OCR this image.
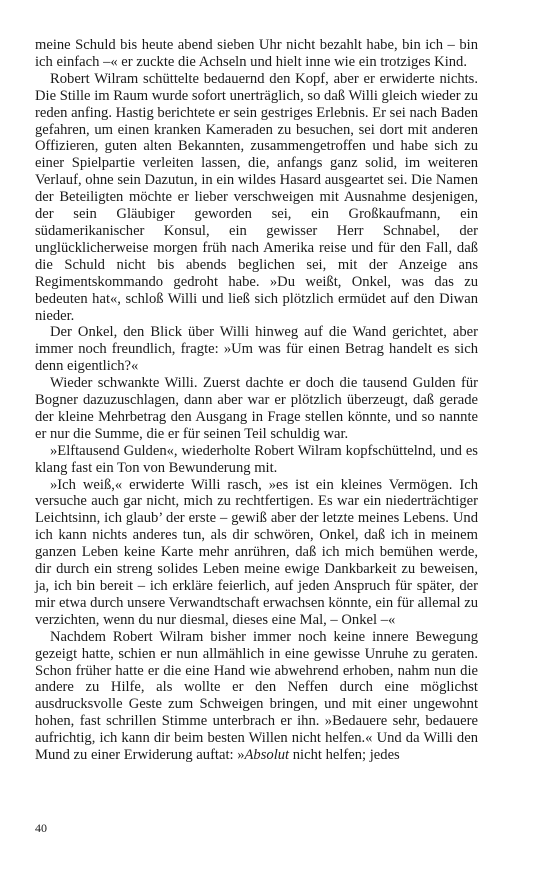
meine Schuld bis heute abend sieben Uhr nicht bezahlt habe, bin ich – bin ich einfach –« er zuckte die Achseln und hielt inne wie ein trotziges Kind.

Robert Wilram schüttelte bedauernd den Kopf, aber er erwiderte nichts. Die Stille im Raum wurde sofort unerträglich, so daß Willi gleich wieder zu reden anfing. Hastig berichtete er sein gestriges Erlebnis. Er sei nach Baden gefahren, um einen kranken Kameraden zu besuchen, sei dort mit anderen Offizieren, guten alten Bekannten, zusammengetroffen und habe sich zu einer Spielpartie verleiten lassen, die, anfangs ganz solid, im weiteren Verlauf, ohne sein Dazutun, in ein wildes Hasard ausgeartet sei. Die Namen der Beteiligten möchte er lieber verschweigen mit Ausnahme desjenigen, der sein Gläubiger geworden sei, ein Großkaufmann, ein südamerikanischer Konsul, ein gewisser Herr Schnabel, der unglücklicherweise morgen früh nach Amerika reise und für den Fall, daß die Schuld nicht bis abends beglichen sei, mit der Anzeige ans Regimentskommando gedroht habe. »Du weißt, Onkel, was das zu bedeuten hat«, schloß Willi und ließ sich plötzlich ermüdet auf den Diwan nieder.

Der Onkel, den Blick über Willi hinweg auf die Wand gerichtet, aber immer noch freundlich, fragte: »Um was für einen Betrag handelt es sich denn eigentlich?«

Wieder schwankte Willi. Zuerst dachte er doch die tausend Gulden für Bogner dazuzuschlagen, dann aber war er plötzlich überzeugt, daß gerade der kleine Mehrbetrag den Ausgang in Frage stellen könnte, und so nannte er nur die Summe, die er für seinen Teil schuldig war.

»Elftausend Gulden«, wiederholte Robert Wilram kopfschüttelnd, und es klang fast ein Ton von Bewunderung mit.

»Ich weiß,« erwiderte Willi rasch, »es ist ein kleines Vermögen. Ich versuche auch gar nicht, mich zu rechtfertigen. Es war ein niederträchtiger Leichtsinn, ich glaub’ der erste – gewiß aber der letzte meines Lebens. Und ich kann nichts anderes tun, als dir schwören, Onkel, daß ich in meinem ganzen Leben keine Karte mehr anrühren, daß ich mich bemühen werde, dir durch ein streng solides Leben meine ewige Dankbarkeit zu beweisen, ja, ich bin bereit – ich erkläre feierlich, auf jeden Anspruch für später, der mir etwa durch unsere Verwandtschaft erwachsen könnte, ein für allemal zu verzichten, wenn du nur diesmal, dieses eine Mal, – Onkel –«

Nachdem Robert Wilram bisher immer noch keine innere Bewegung gezeigt hatte, schien er nun allmählich in eine gewisse Unruhe zu geraten. Schon früher hatte er die eine Hand wie abwehrend erhoben, nahm nun die andere zu Hilfe, als wollte er den Neffen durch eine möglichst ausdrucksvolle Geste zum Schweigen bringen, und mit einer ungewohnt hohen, fast schrillen Stimme unterbrach er ihn. »Bedauere sehr, bedauere aufrichtig, ich kann dir beim besten Willen nicht helfen.« Und da Willi den Mund zu einer Erwiderung auftat: »Absolut nicht helfen; jedes

40
